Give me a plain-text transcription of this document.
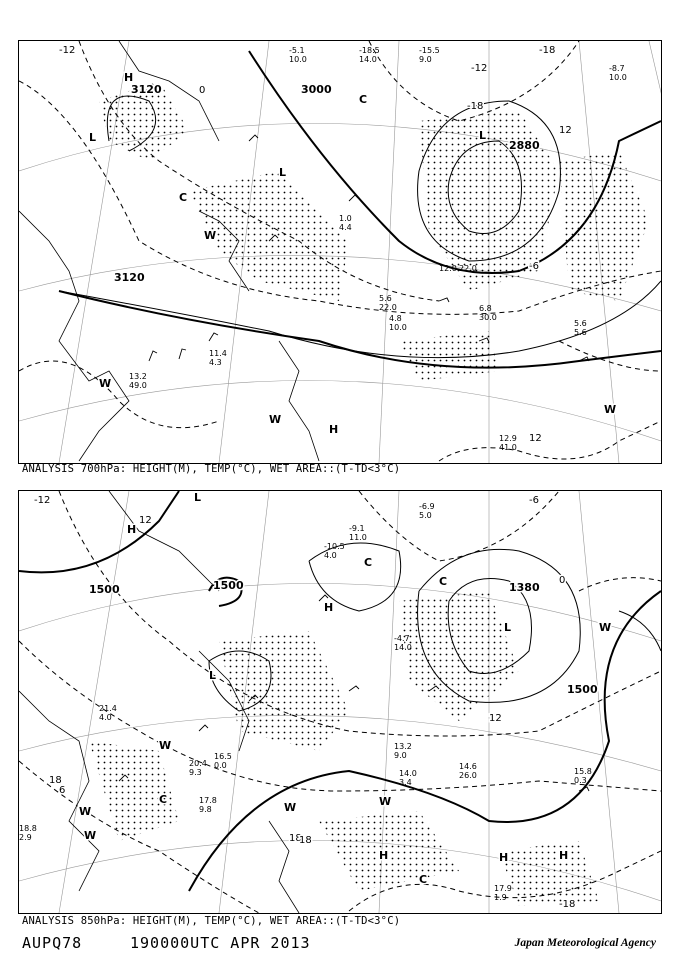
3000
3120
3120
2880
-18
-12
-6
0
12
12
-18
-12
H
H
L
L
L
C
C
W
W
W
W
-15.5
9.0
-18.5
14.0
-5.1
10.0
-8.7
10.0
13.2
49.0
12.9
41.0
11.4
4.3
5.6
22.0
4.8
10.0
6.8
30.0
5.6
5.6
1.0
4.4
12.0 22.0
ANALYSIS 700hPa: HEIGHT(M), TEMP(°C), WET AREA::(T-TD<3°C)
1500	1500	1380
1500
18
12
0
18
12
-6
-18
-12
18
6
H
H
H	H	H
L
L
L
C
C
C
C
W
W
W
W
W
W
-6.9
5.0
-9.1
11.0
-4.7
14.0
-10.5
4.0
13.2
9.0
14.0
3.4
14.6
26.0	15.8
0.3
17.9
1.9
17.8
9.8
18.8
2.9
21.4
4.0
20.4
9.3
16.5
0.0
ANALYSIS 850hPa: HEIGHT(M), TEMP(°C), WET AREA::(T-TD<3°C)
AUPQ78	190000UTC APR 2013	Japan Meteorological Agency
